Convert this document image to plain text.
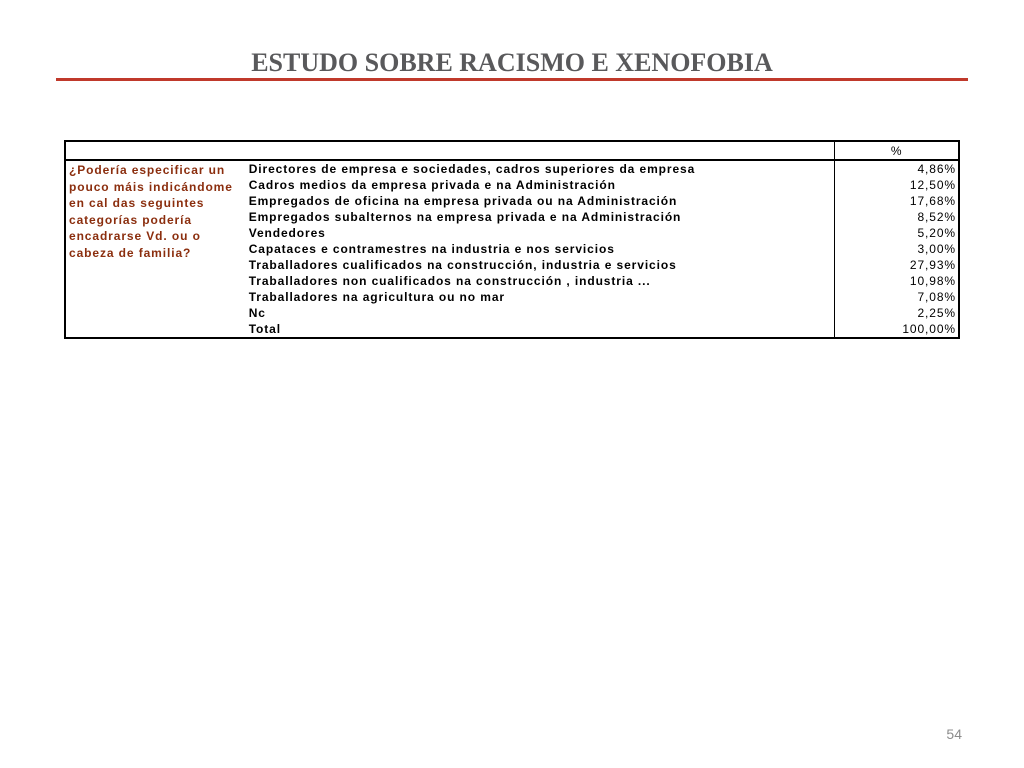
ESTUDO SOBRE RACISMO E XENOFOBIA
		%
¿Podería especificar un pouco máis indicándome en cal das seguintes categorías podería encadrarse Vd. ou o cabeza de familia?	Directores de empresa e sociedades, cadros superiores da empresa	4,86%
	Cadros medios da empresa privada e na Administración	12,50%
	Empregados de oficina na empresa privada ou na Administración	17,68%
	Empregados subalternos na empresa privada e na Administración	8,52%
	Vendedores	5,20%
	Capataces e contramestres na industria e nos servicios	3,00%
	Traballadores cualificados na construcción, industria e servicios	27,93%
	Traballadores non cualificados na construcción , industria ...	10,98%
	Traballadores na agricultura ou no mar	7,08%
	Nc	2,25%
	Total	100,00%
54
